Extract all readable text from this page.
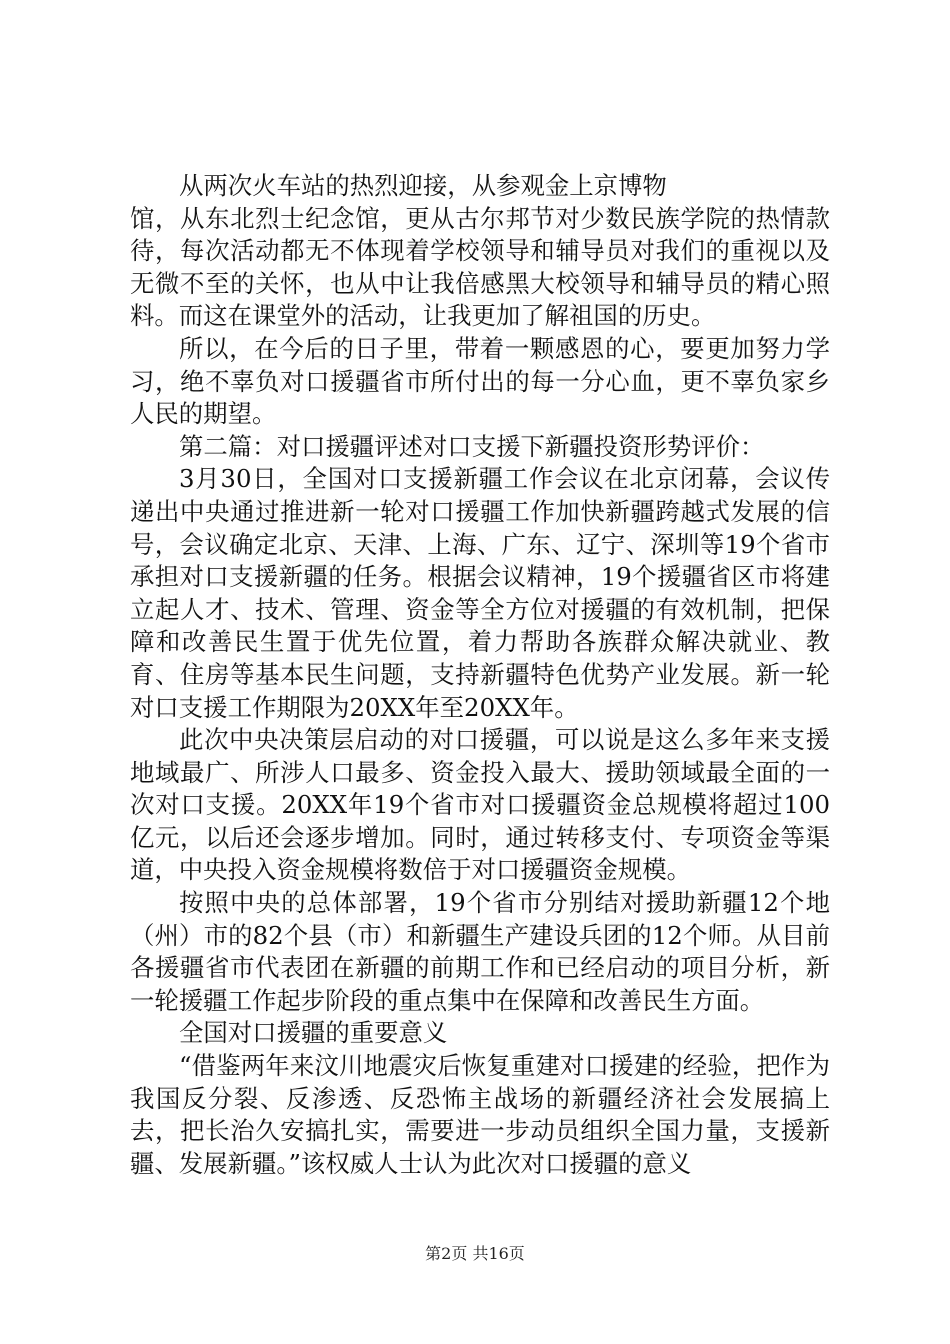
从两次火车站的热烈迎接，从参观金上京博物

馆，从东北烈士纪念馆，更从古尔邦节对少数民族学院的热情款待，每次活动都无不体现着学校领导和辅导员对我们的重视以及无微不至的关怀，也从中让我倍感黑大校领导和辅导员的精心照料。而这在课堂外的活动，让我更加了解祖国的历史。

所以，在今后的日子里，带着一颗感恩的心，要更加努力学习，绝不辜负对口援疆省市所付出的每一分心血，更不辜负家乡人民的期望。

第二篇：对口援疆评述对口支援下新疆投资形势评价：

3月30日，全国对口支援新疆工作会议在北京闭幕，会议传递出中央通过推进新一轮对口援疆工作加快新疆跨越式发展的信号，会议确定北京、天津、上海、广东、辽宁、深圳等19个省市承担对口支援新疆的任务。根据会议精神，19个援疆省区市将建立起人才、技术、管理、资金等全方位对援疆的有效机制，把保障和改善民生置于优先位置，着力帮助各族群众解决就业、教育、住房等基本民生问题，支持新疆特色优势产业发展。新一轮对口支援工作期限为20XX年至20XX年。

此次中央决策层启动的对口援疆，可以说是这么多年来支援地域最广、所涉人口最多、资金投入最大、援助领域最全面的一次对口支援。20XX年19个省市对口援疆资金总规模将超过100亿元，以后还会逐步增加。同时，通过转移支付、专项资金等渠道，中央投入资金规模将数倍于对口援疆资金规模。

按照中央的总体部署，19个省市分别结对援助新疆12个地（州）市的82个县（市）和新疆生产建设兵团的12个师。从目前各援疆省市代表团在新疆的前期工作和已经启动的项目分析，新一轮援疆工作起步阶段的重点集中在保障和改善民生方面。

全国对口援疆的重要意义

“借鉴两年来汶川地震灾后恢复重建对口援建的经验，把作为我国反分裂、反渗透、反恐怖主战场的新疆经济社会发展搞上去，把长治久安搞扎实，需要进一步动员组织全国力量，支援新疆、发展新疆。”该权威人士认为此次对口援疆的意义

第2页 共16页
